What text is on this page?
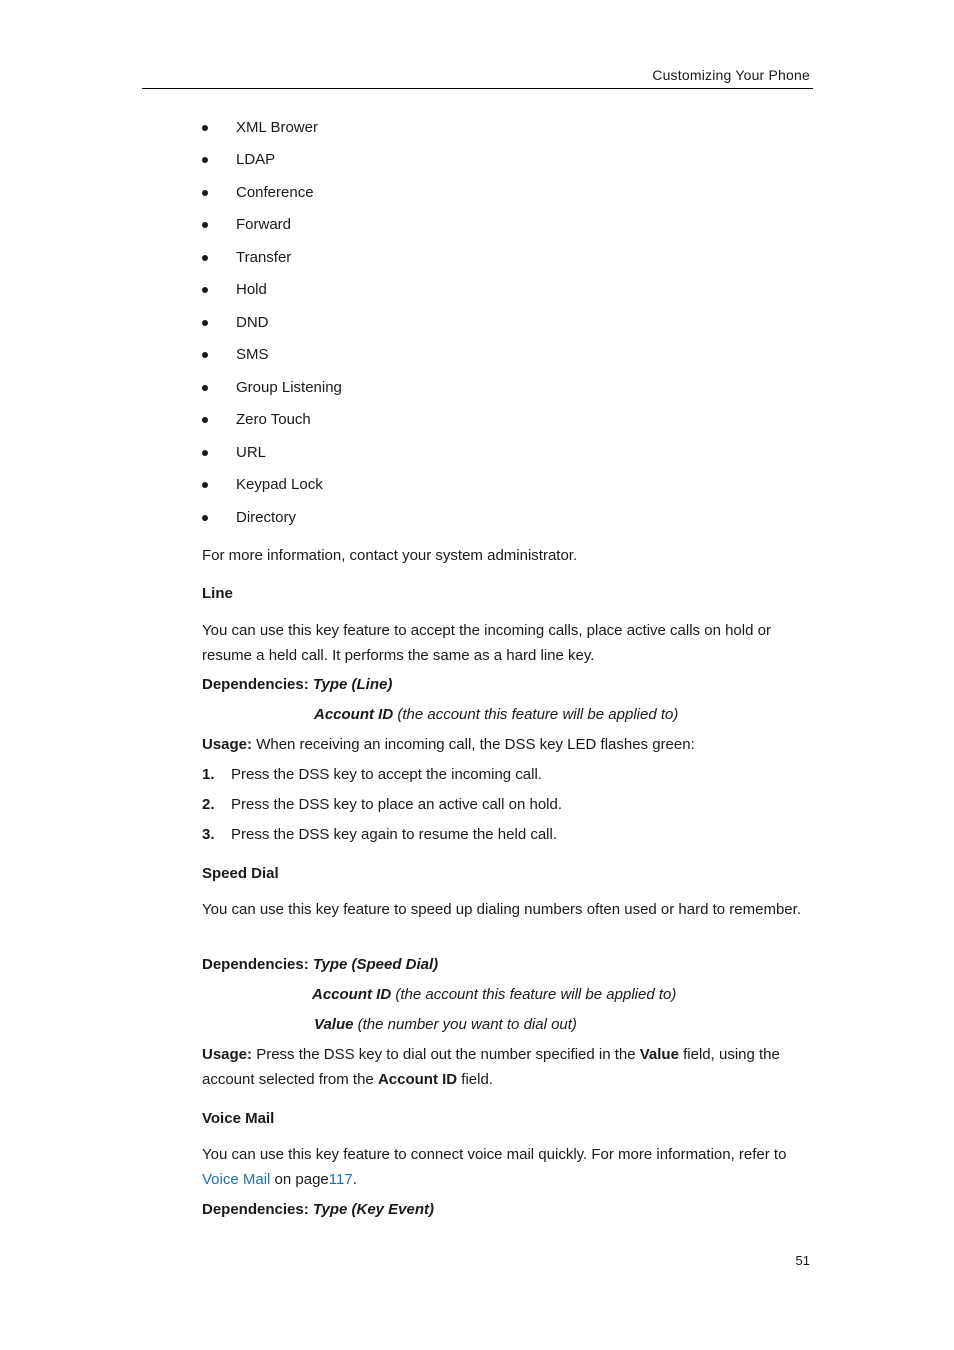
Customizing Your Phone
XML Brower
LDAP
Conference
Forward
Transfer
Hold
DND
SMS
Group Listening
Zero Touch
URL
Keypad Lock
Directory
For more information, contact your system administrator.
Line
You can use this key feature to accept the incoming calls, place active calls on hold or resume a held call. It performs the same as a hard line key.
Dependencies: Type (Line)
Account ID (the account this feature will be applied to)
Usage: When receiving an incoming call, the DSS key LED flashes green:
1. Press the DSS key to accept the incoming call.
2. Press the DSS key to place an active call on hold.
3. Press the DSS key again to resume the held call.
Speed Dial
You can use this key feature to speed up dialing numbers often used or hard to remember.
Dependencies: Type (Speed Dial)
Account ID (the account this feature will be applied to)
Value (the number you want to dial out)
Usage: Press the DSS key to dial out the number specified in the Value field, using the account selected from the Account ID field.
Voice Mail
You can use this key feature to connect voice mail quickly. For more information, refer to Voice Mail on page117.
Dependencies: Type (Key Event)
51
